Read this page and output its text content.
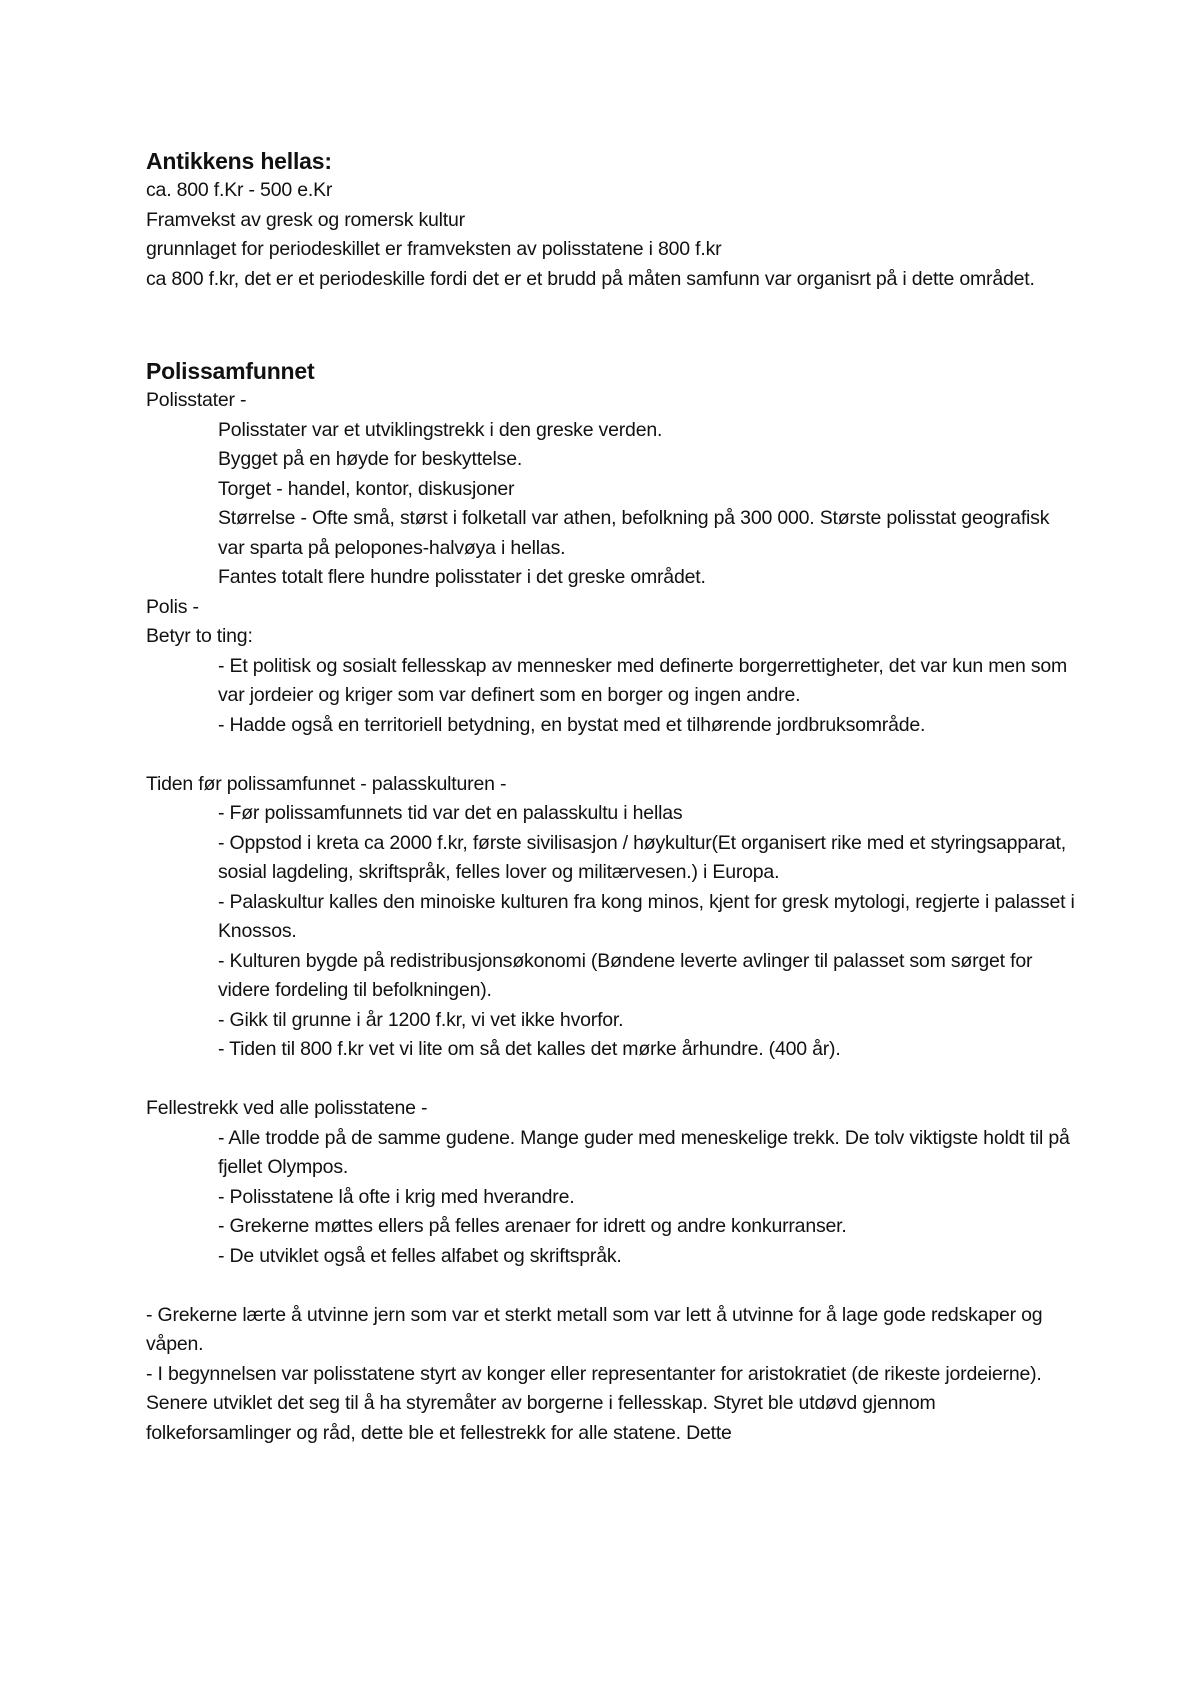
Antikkens hellas:

ca. 800 f.Kr - 500 e.Kr

Framvekst av gresk og romersk kultur

grunnlaget for periodeskillet er framveksten av polisstatene i 800 f.kr

ca 800 f.kr, det er et periodeskille fordi det er et brudd på måten samfunn var organisrt på i dette området.

Polissamfunnet

Polisstater -

Polisstater var et utviklingstrekk i den greske verden.

Bygget på en høyde for beskyttelse.

Torget - handel, kontor, diskusjoner

Størrelse - Ofte små, størst i folketall var athen, befolkning på 300 000. Største polisstat geografisk var sparta på pelopones-halvøya i hellas.

Fantes totalt flere hundre polisstater i det greske området.

Polis -

Betyr to ting:

- Et politisk og sosialt fellesskap av mennesker med definerte borgerrettigheter, det var kun men som var jordeier og kriger som var definert som en borger og ingen andre.

- Hadde også en territoriell betydning, en bystat med et tilhørende jordbruksområde.

Tiden før polissamfunnet - palasskulturen -

- Før polissamfunnets tid var det en palasskultu i hellas

- Oppstod i kreta ca 2000 f.kr, første sivilisasjon / høykultur(Et organisert rike med et styringsapparat, sosial lagdeling, skriftspråk, felles lover og militærvesen.) i Europa.

- Palaskultur kalles den minoiske kulturen fra kong minos, kjent for gresk mytologi, regjerte i palasset i Knossos.

- Kulturen bygde på redistribusjonsøkonomi (Bøndene leverte avlinger til palasset som sørget for videre fordeling til befolkningen).

- Gikk til grunne i år 1200 f.kr, vi vet ikke hvorfor.

- Tiden til 800 f.kr vet vi lite om så det kalles det mørke århundre. (400 år).

Fellestrekk ved alle polisstatene -

- Alle trodde på de samme gudene. Mange guder med meneskelige trekk. De tolv viktigste holdt til på fjellet Olympos.

- Polisstatene lå ofte i krig med hverandre.

- Grekerne møttes ellers på felles arenaer for idrett og andre konkurranser.

- De utviklet også et felles alfabet og skriftspråk.

- Grekerne lærte å utvinne jern som var et sterkt metall som var lett å utvinne for å lage gode redskaper og våpen.

- I begynnelsen var polisstatene styrt av konger eller representanter for aristokratiet (de rikeste jordeierne). Senere utviklet det seg til å ha styremåter av borgerne i fellesskap. Styret ble utdøvd gjennom folkeforsamlinger og råd, dette ble et fellestrekk for alle statene. Dette
